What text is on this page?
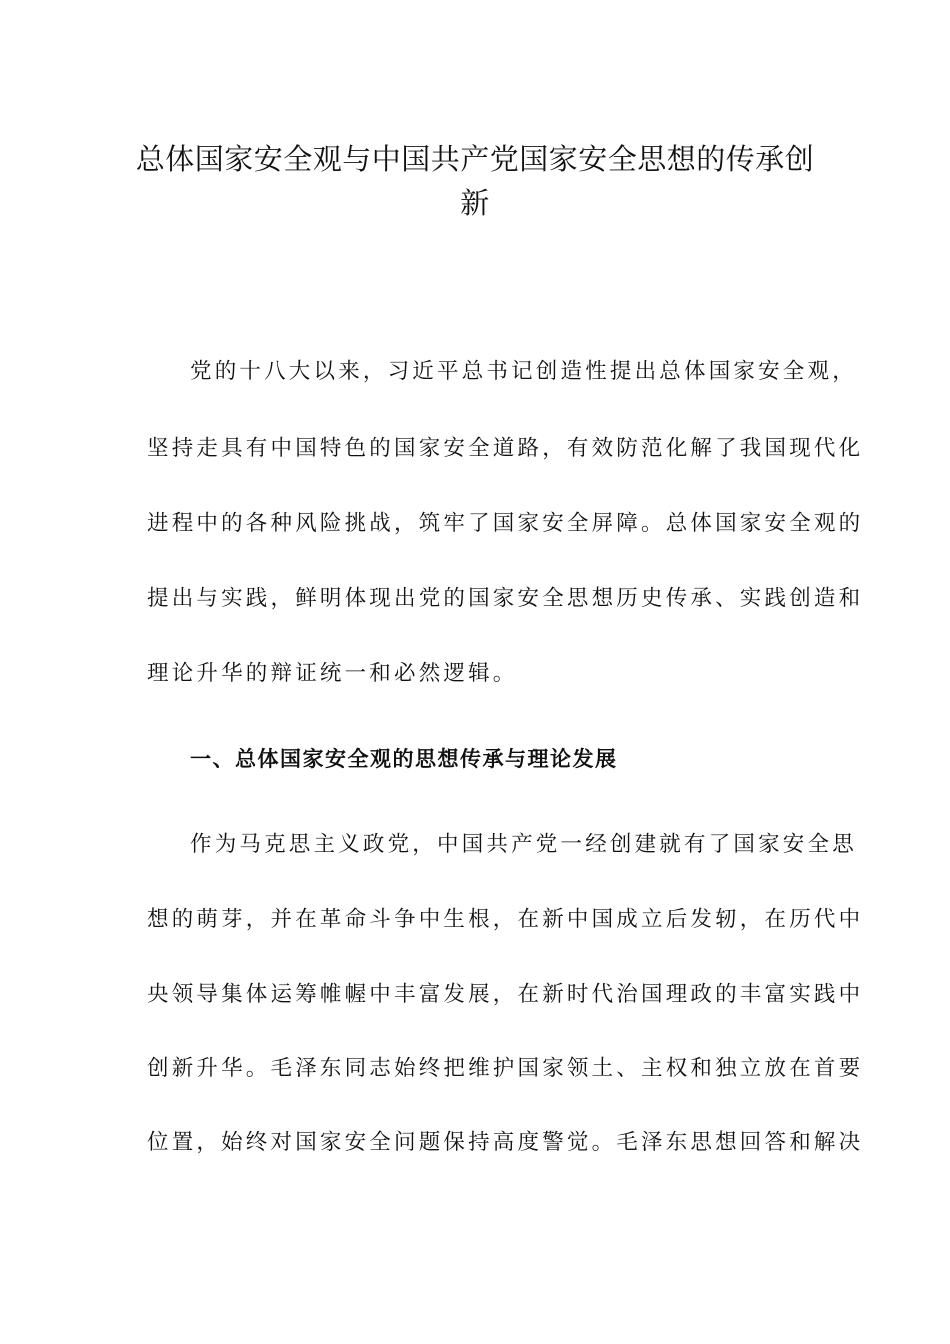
总体国家安全观与中国共产党国家安全思想的传承创
新
党的十八大以来，习近平总书记创造性提出总体国家安全观，
坚持走具有中国特色的国家安全道路，有效防范化解了我国现代化
进程中的各种风险挑战，筑牢了国家安全屏障。总体国家安全观的
提出与实践，鲜明体现出党的国家安全思想历史传承、实践创造和
理论升华的辩证统一和必然逻辑。
一、总体国家安全观的思想传承与理论发展
作为马克思主义政党，中国共产党一经创建就有了国家安全思
想的萌芽，并在革命斗争中生根，在新中国成立后发轫，在历代中
央领导集体运筹帷幄中丰富发展，在新时代治国理政的丰富实践中
创新升华。毛泽东同志始终把维护国家领土、主权和独立放在首要
位置，始终对国家安全问题保持高度警觉。毛泽东思想回答和解决
